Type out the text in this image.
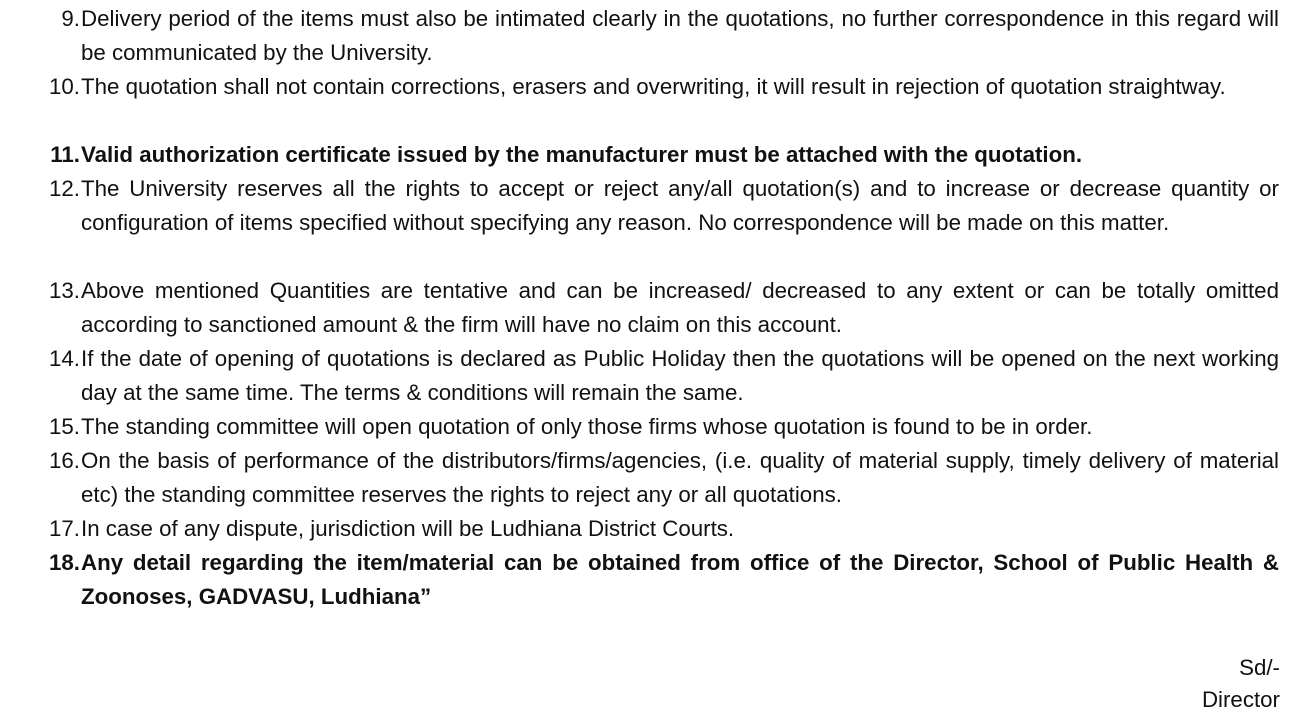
9. Delivery period of the items must also be intimated clearly in the quotations, no further correspondence in this regard will be communicated by the University.
10. The quotation shall not contain corrections, erasers and overwriting, it will result in rejection of quotation straightway.
11. Valid authorization certificate issued by the manufacturer must be attached with the quotation.
12. The University reserves all the rights to accept or reject any/all quotation(s) and to increase or decrease quantity or configuration of items specified without specifying any reason. No correspondence will be made on this matter.
13. Above mentioned Quantities are tentative and can be increased/ decreased to any extent or can be totally omitted according to sanctioned amount & the firm will have no claim on this account.
14. If the date of opening of quotations is declared as Public Holiday then the quotations will be opened on the next working day at the same time. The terms & conditions will remain the same.
15. The standing committee will open quotation of only those firms whose quotation is found to be in order.
16. On the basis of performance of the distributors/firms/agencies, (i.e. quality of material supply, timely delivery of material etc) the standing committee reserves the rights to reject any or all quotations.
17. In case of any dispute, jurisdiction will be Ludhiana District Courts.
18. Any detail regarding the item/material can be obtained from office of the Director, School of Public Health & Zoonoses, GADVASU, Ludhiana”
Sd/-
Director
